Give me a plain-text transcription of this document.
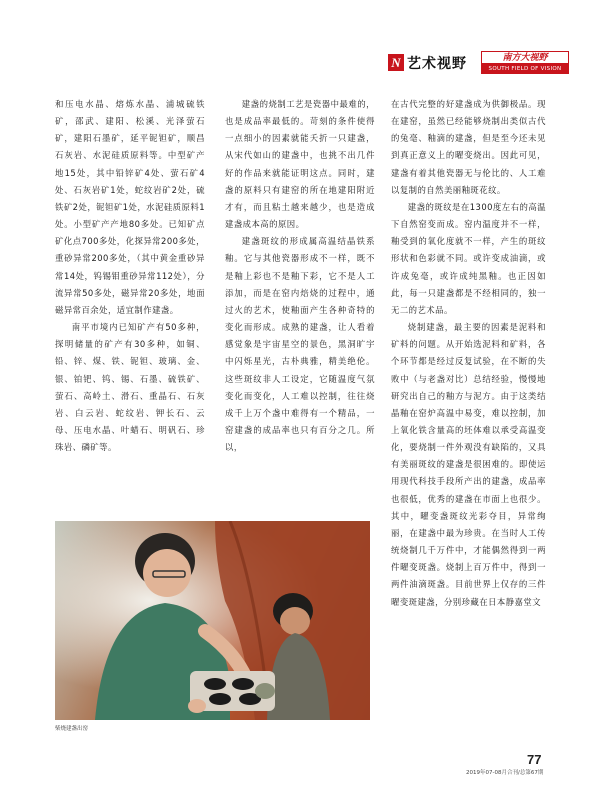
N 艺术视野	南方大视野
SOUTH FIELD OF VISION

和压电水晶、熔炼水晶、浦城硫铁矿，邵武、建阳、松溪、光泽萤石矿，建阳石墨矿，延平铌钽矿，顺昌石灰岩、水泥硅质原料等。中型矿产地15处，其中铅锌矿4处、萤石矿4处、石灰岩矿1处，蛇纹岩矿2处，硫铁矿2处，铌钽矿1处，水泥硅质原料1处。小型矿产产地80多处。已知矿点矿化点700多处，化探异常200多处，重砂异常200多处，（其中黄金重砂异常14处，钨锡钼重砂异常112处），分流异常50多处，磁异常20多处，地面磁异常百余处，适宜制作建盏。

南平市境内已知矿产有50多种，探明储量的矿产有30多种，如铜、铅、锌、煤、铁、铌钽、玻璃、金、银、铂钯、钨、锡、石墨、硫铁矿、萤石、高岭土、滑石、重晶石、石灰岩、白云岩、蛇纹岩、钾长石、云母、压电水晶、叶蜡石、明矾石、珍珠岩、磷矿等。

建盏的烧制工艺是瓷器中最难的，也是成品率最低的。苛刻的条件使得一点细小的因素就能夭折一只建盏，从宋代如山的建盏中，也挑不出几件好的作品来就能证明这点。同时，建盏的原料只有建窑的所在地建阳附近才有，而且粘土越来越少，也是造成建盏成本高的原因。

建盏斑纹的形成属高温结晶铁系釉。它与其他瓷器形成不一样，既不是釉上彩也不是釉下彩，它不是人工添加，而是在窑内焙烧的过程中，通过火的艺术，使釉面产生各种奇特的变化而形成。成熟的建盏，让人看着感觉象是宇宙星空的景色，黑洞旷宇中闪烁星光，古朴典雅，精美绝伦。这些斑纹非人工设定，它随温度气氛变化而变化，人工难以控制，往往烧成千上万个盏中难得有一个精品，一窑建盏的成品率也只有百分之几。所以，

在古代完整的好建盏成为供御极品。现在建窑，虽然已经能够烧制出类似古代的兔毫、釉滴的建盏，但是至今还未见到真正意义上的曜变烧出。因此可见，建盏有着其他瓷器无与伦比的、人工难以复制的自然美丽釉斑花纹。

建盏的斑纹是在1300度左右的高温下自然窑变而成。窑内温度并不一样，釉受到的氧化度就不一样，产生的斑纹形状和色彩就不同。或许变成油滴，或许成兔毫，或许成纯黑釉。也正因如此，每一只建盏都是不经相同的，独一无二的艺术品。

烧制建盏，最主要的因素是泥料和矿料的问题。从开始选泥料和矿料，各个环节都是经过反复试验，在不断的失败中（与老盏对比）总结经验，慢慢地研究出自己的釉方与泥方。由于这类结晶釉在窑炉高温中易变，难以控制，加上氧化铁含量高的坯体难以承受高温变化，要烧制一件外观没有缺陷的，又具有美丽斑纹的建盏是很困难的。即使运用现代科技手段所产出的建盏，成品率也很低，优秀的建盏在市面上也很少。其中，曜变盏斑纹光彩夺目，异常绚丽，在建盏中最为珍贵。在当时人工传统烧制几千万件中，才能偶然得到一两件曜变斑盏。烧制上百万件中，得到一两件油滴斑盏。目前世界上仅存的三件曜变斑建盏，分别珍藏在日本静嘉堂文

柴烧建盏出窑
77
2019年07-08月合刊/总第67期
